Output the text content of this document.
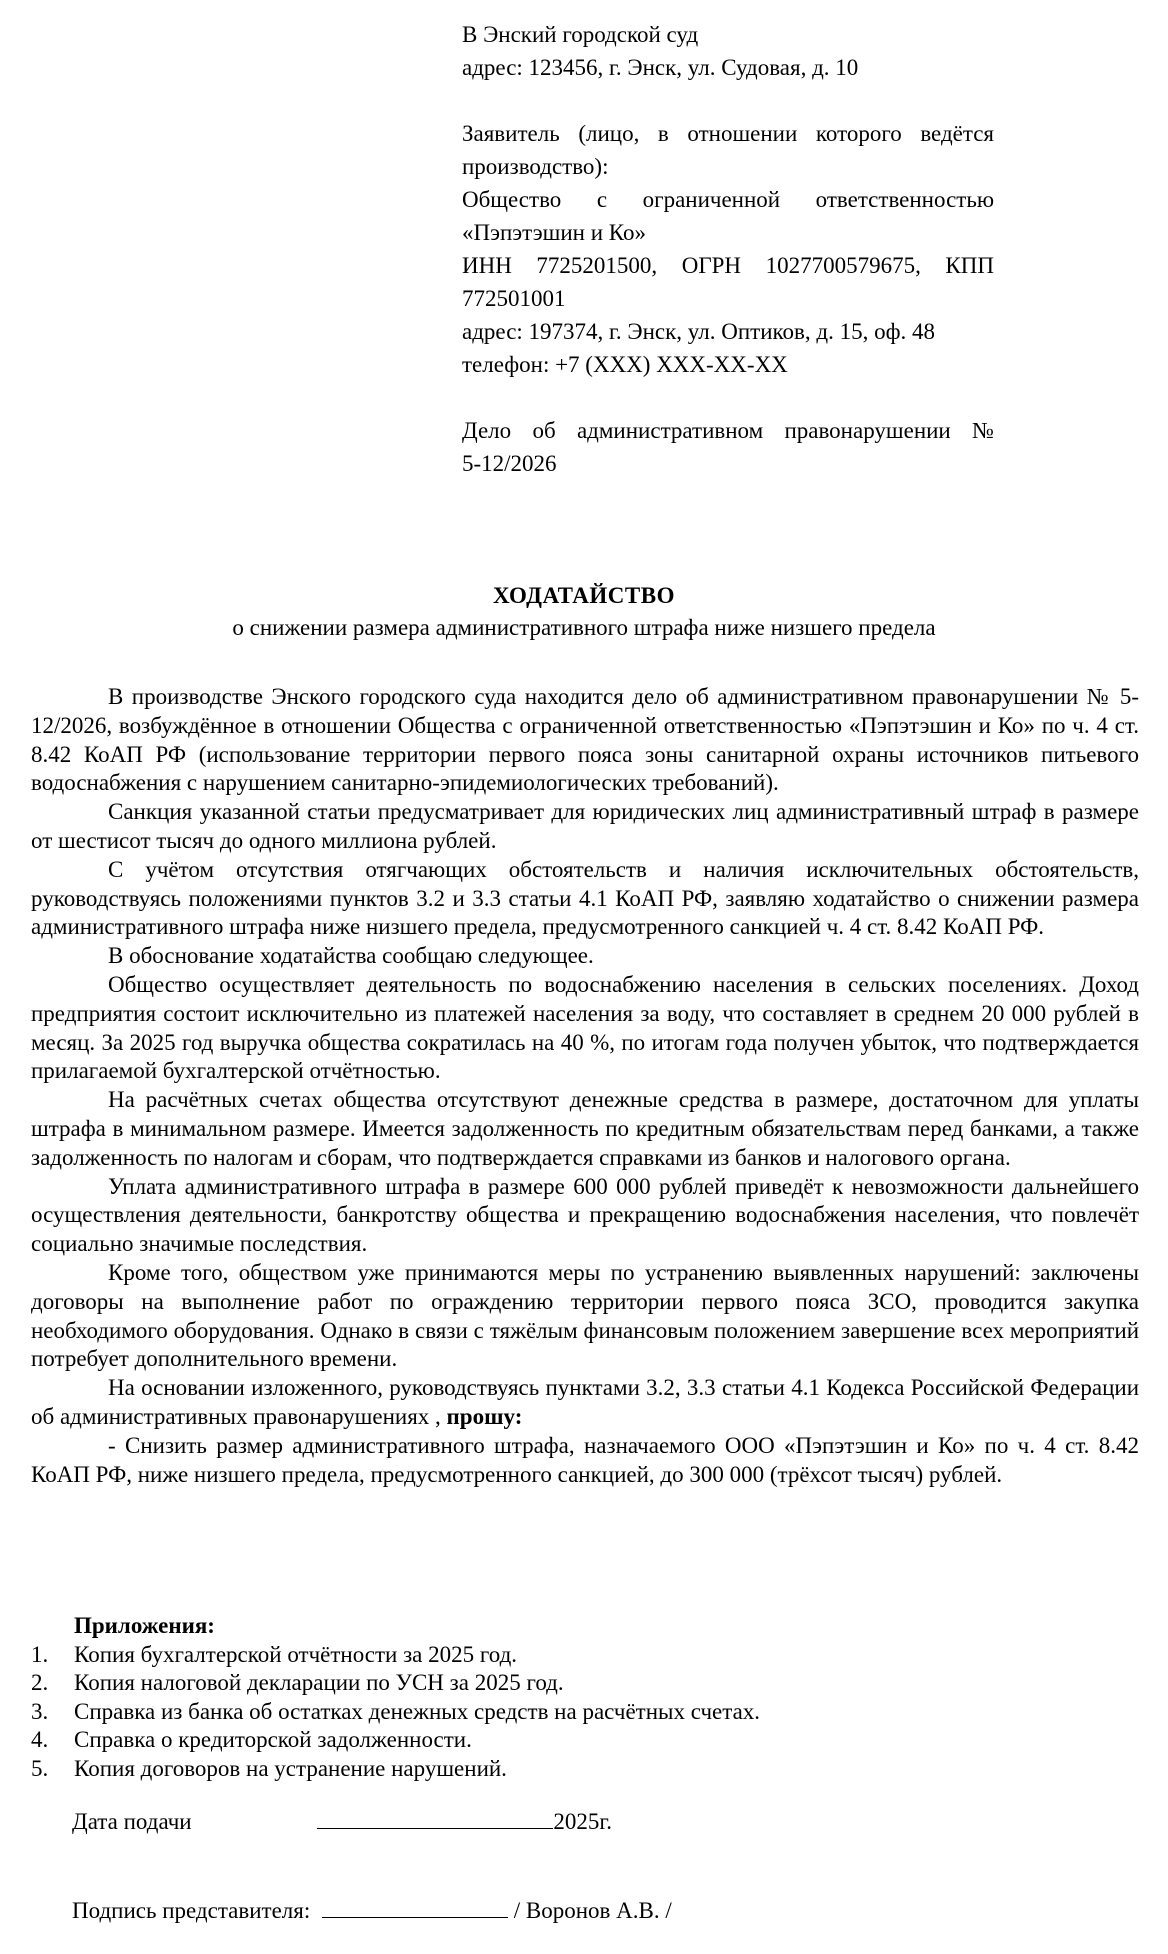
В Энский городской суд
адрес: 123456, г. Энск, ул. Судовая, д. 10
Заявитель (лицо, в отношении которого ведётся
производство):
Общество с ограниченной ответственностью
«Пэпэтэшин и Ко»
ИНН 7725201500, ОГРН 1027700579675, КПП
772501001
адрес: 197374, г. Энск, ул. Оптиков, д. 15, оф. 48
телефон: +7 (XXX) XXX-XX-XX
Дело об административном правонарушении №
5-12/2026
ХОДАТАЙСТВО
о снижении размера административного штрафа ниже низшего предела

В производстве Энского городского суда находится дело об административном правонарушении № 5-12/2026, возбуждённое в отношении Общества с ограниченной ответственностью «Пэпэтэшин и Ко» по ч. 4 ст. 8.42 КоАП РФ (использование территории первого пояса зоны санитарной охраны источников питьевого водоснабжения с нарушением санитарно-эпидемиологических требований).

Санкция указанной статьи предусматривает для юридических лиц административный штраф в размере от шестисот тысяч до одного миллиона рублей.

С учётом отсутствия отягчающих обстоятельств и наличия исключительных обстоятельств, руководствуясь положениями пунктов 3.2 и 3.3 статьи 4.1 КоАП РФ, заявляю ходатайство о снижении размера административного штрафа ниже низшего предела, предусмотренного санкцией ч. 4 ст. 8.42 КоАП РФ.

В обоснование ходатайства сообщаю следующее.

Общество осуществляет деятельность по водоснабжению населения в сельских поселениях. Доход предприятия состоит исключительно из платежей населения за воду, что составляет в среднем 20 000 рублей в месяц. За 2025 год выручка общества сократилась на 40 %, по итогам года получен убыток, что подтверждается прилагаемой бухгалтерской отчётностью.

На расчётных счетах общества отсутствуют денежные средства в размере, достаточном для уплаты штрафа в минимальном размере. Имеется задолженность по кредитным обязательствам перед банками, а также задолженность по налогам и сборам, что подтверждается справками из банков и налогового органа.

Уплата административного штрафа в размере 600 000 рублей приведёт к невозможности дальнейшего осуществления деятельности, банкротству общества и прекращению водоснабжения населения, что повлечёт социально значимые последствия.

Кроме того, обществом уже принимаются меры по устранению выявленных нарушений: заключены договоры на выполнение работ по ограждению территории первого пояса ЗСО, проводится закупка необходимого оборудования. Однако в связи с тяжёлым финансовым положением завершение всех мероприятий потребует дополнительного времени.

На основании изложенного, руководствуясь пунктами 3.2, 3.3 статьи 4.1 Кодекса Российской Федерации об административных правонарушениях , прошу:

- Снизить размер административного штрафа, назначаемого ООО «Пэпэтэшин и Ко» по ч. 4 ст. 8.42 КоАП РФ, ниже низшего предела, предусмотренного санкцией, до 300 000 (трёхсот тысяч) рублей.

Приложения:
1.	Копия бухгалтерской отчётности за 2025 год.
2.	Копия налоговой декларации по УСН за 2025 год.
3.	Справка из банка об остатках денежных средств на расчётных счетах.
4.	Справка о кредиторской задолженности.
5.	Копия договоров на устранение нарушений.
Дата подачи	2025г.
Подпись представителя:	/ Воронов А.В. /
